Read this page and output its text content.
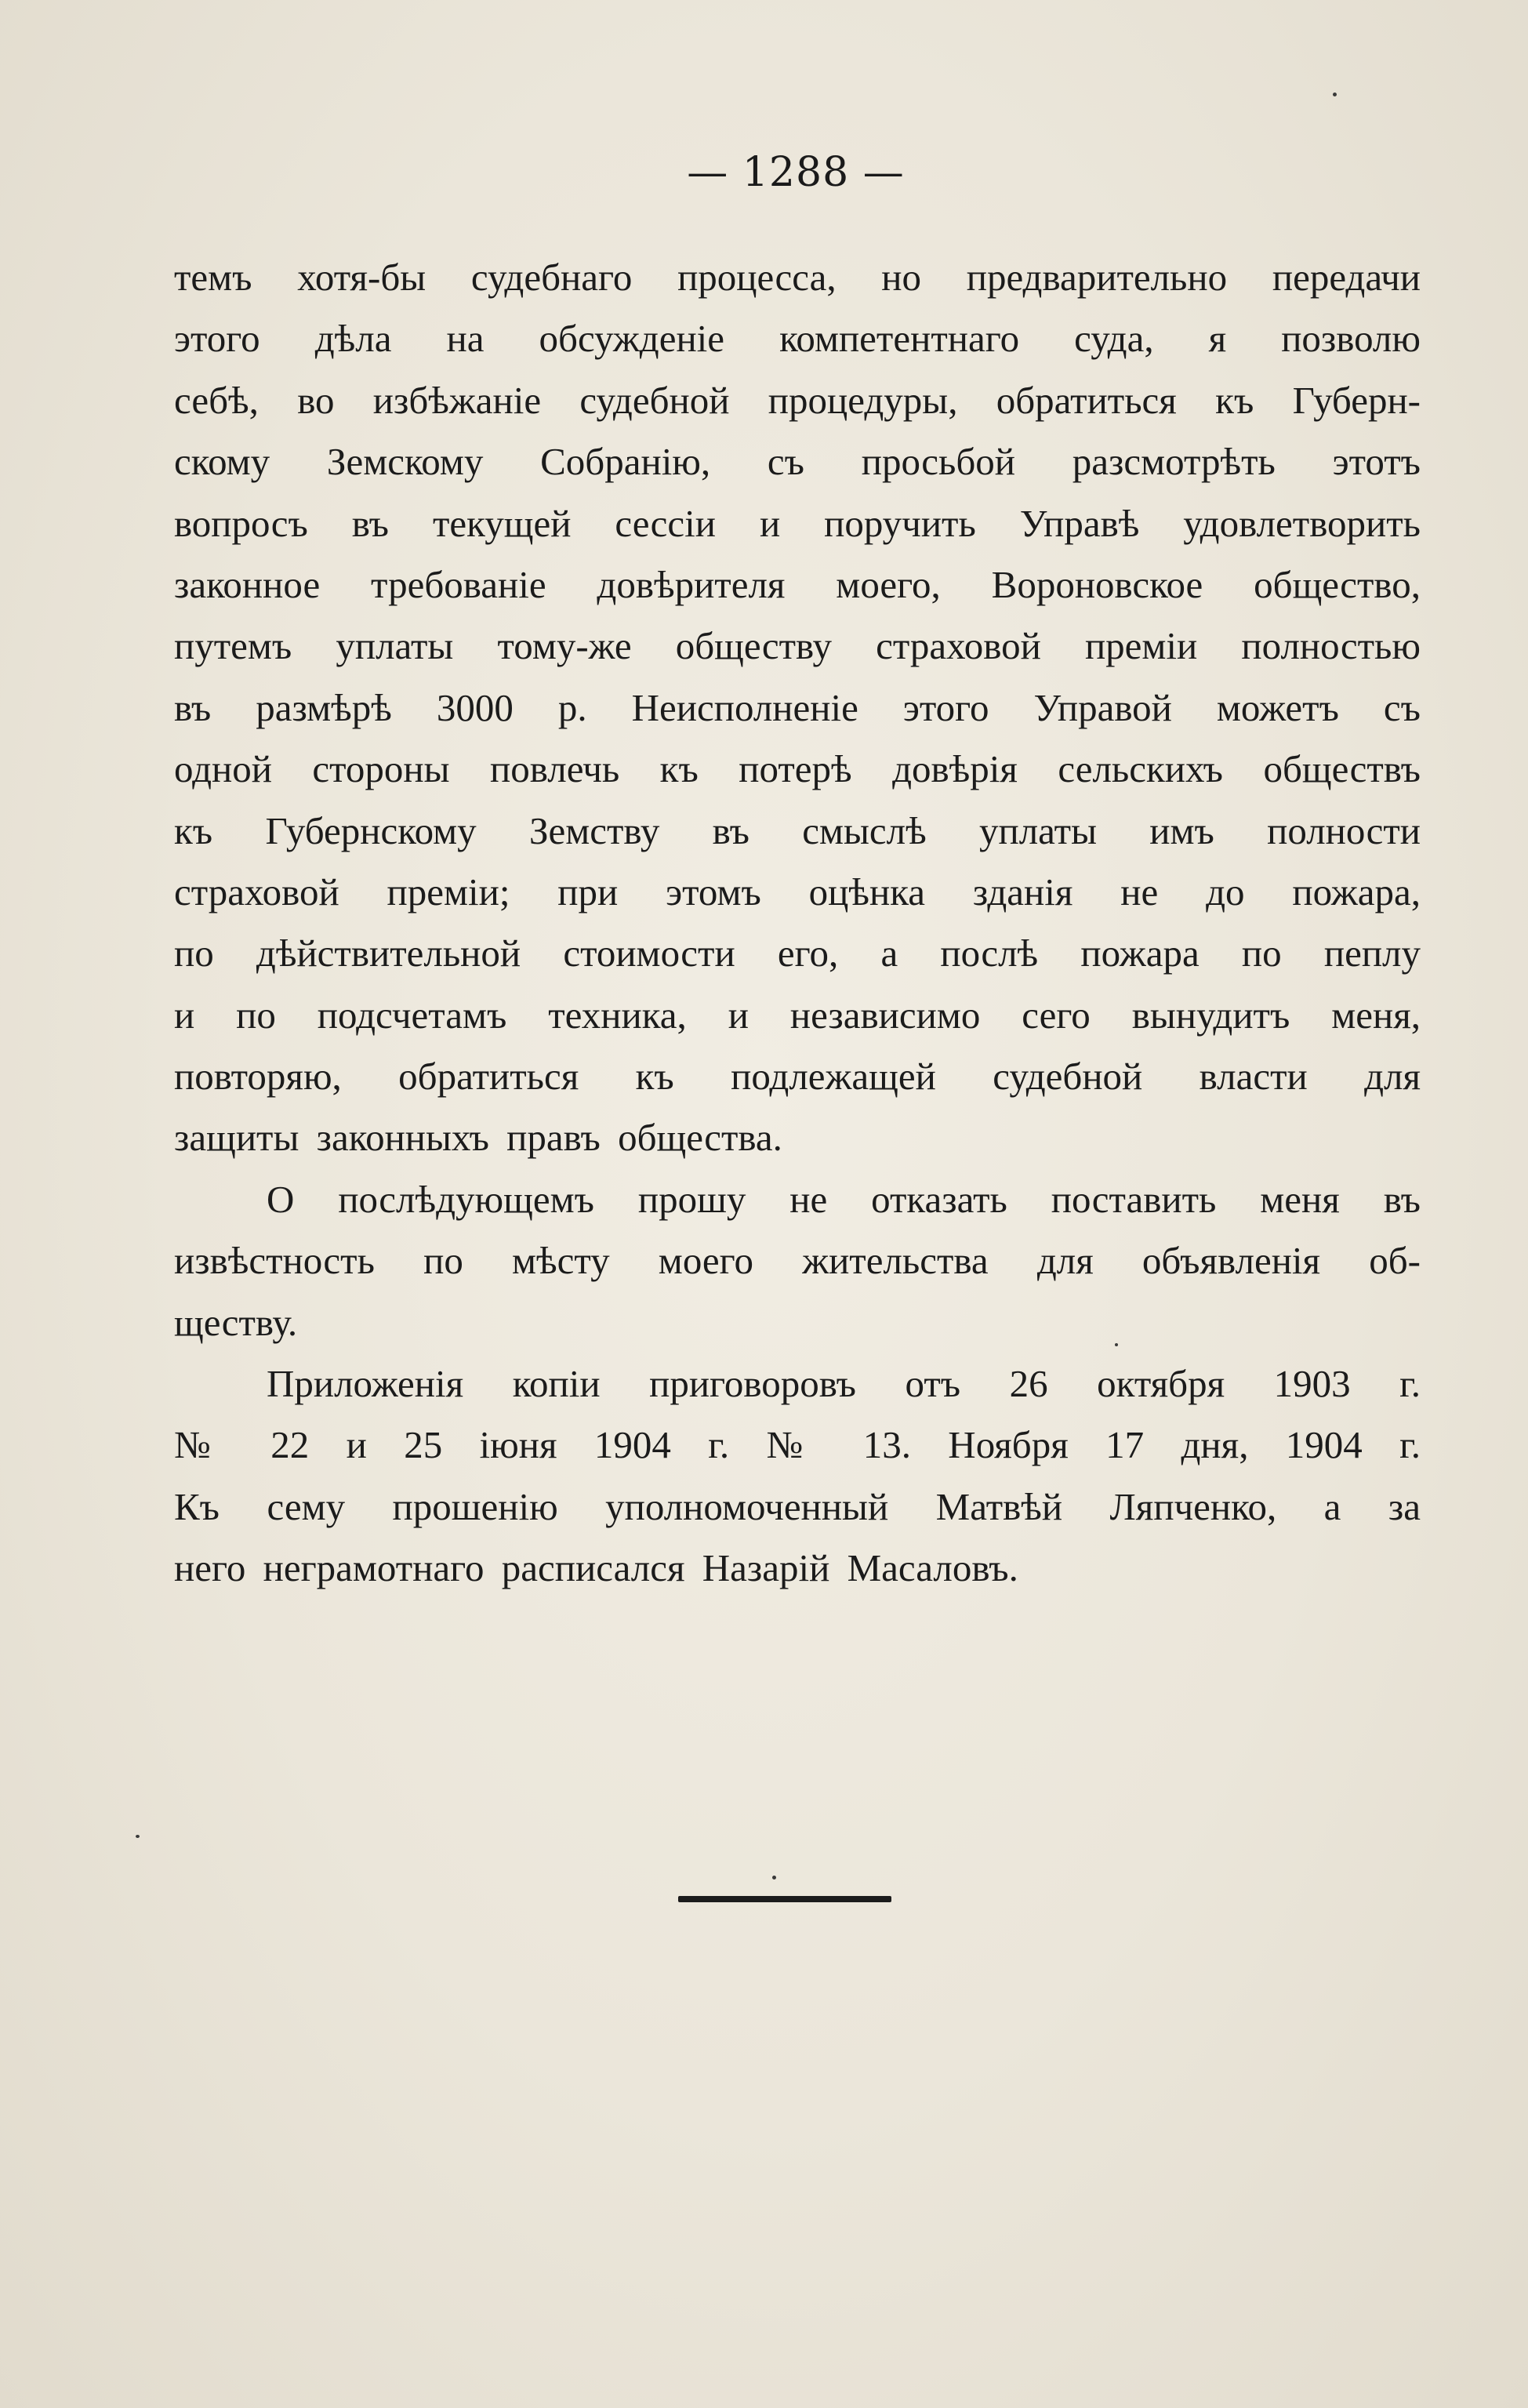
— 1288 —
темъ хотя-бы судебнаго процесса, но предварительно передачи
этого дѣла на обсужденіе компетентнаго суда, я позволю
себѣ, во избѣжаніе судебной процедуры, обратиться къ Губерн-
скому Земскому Собранію, съ просьбой разсмотрѣть этотъ
вопросъ въ текущей сессіи и поручить Управѣ удовлетворить
законное требованіе довѣрителя моего, Вороновское общество,
путемъ уплаты тому-же обществу страховой преміи полностью
въ размѣрѣ 3000 р. Неисполненіе этого Управой можетъ съ
одной стороны повлечь къ потерѣ довѣрія сельскихъ обществъ
къ Губернскому Земству въ смыслѣ уплаты имъ полности
страховой преміи; при этомъ оцѣнка зданія не до пожара,
по дѣйствительной стоимости его, а послѣ пожара по пеплу
и по подсчетамъ техника, и независимо сего вынудитъ меня,
повторяю, обратиться къ подлежащей судебной власти для
защиты законныхъ правъ общества.
О послѣдующемъ прошу не отказать поставить меня въ
извѣстность по мѣсту моего жительства для объявленія об-
ществу.
Приложенія копіи приговоровъ отъ 26 октября 1903 г.
№ 22 и 25 іюня 1904 г. № 13. Ноября 17 дня, 1904 г.
Къ сему прошенію уполномоченный Матвѣй Ляпченко, а за
него неграмотнаго расписался Назарій Масаловъ.
